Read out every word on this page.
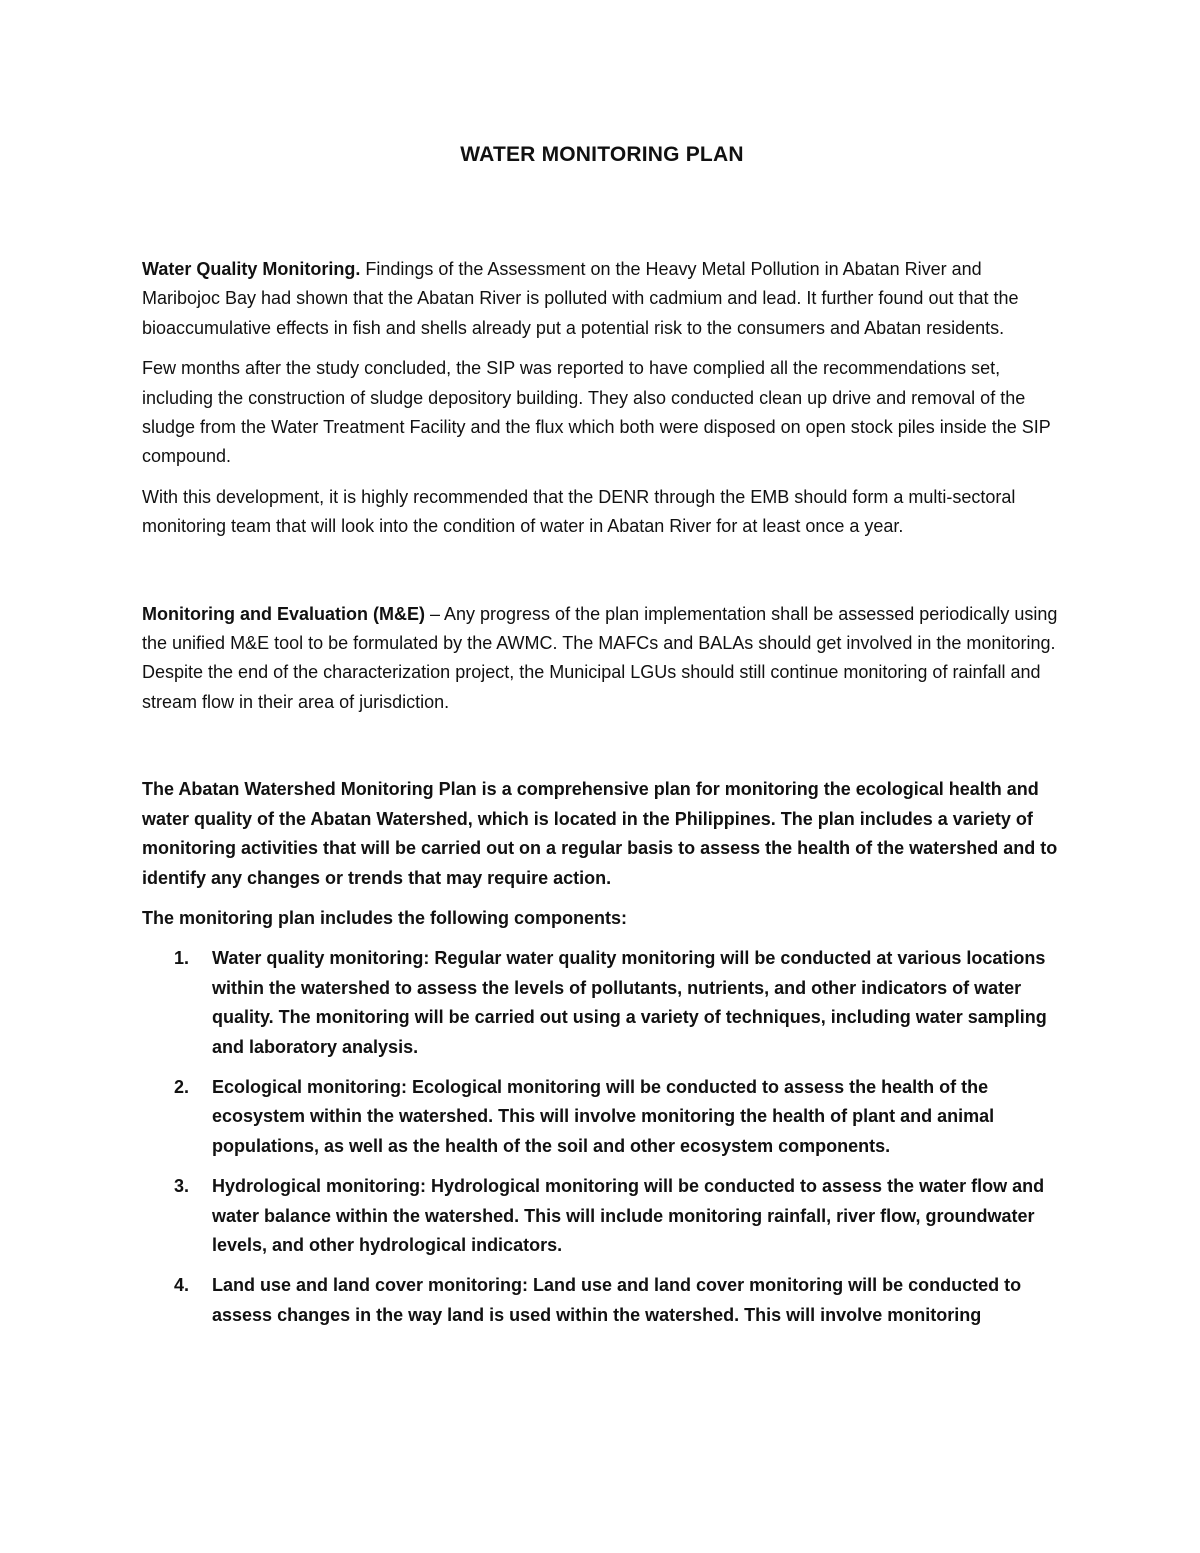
WATER MONITORING PLAN

Water Quality Monitoring. Findings of the Assessment on the Heavy Metal Pollution in Abatan River and Maribojoc Bay had shown that the Abatan River is polluted with cadmium and lead. It further found out that the bioaccumulative effects in fish and shells already put a potential risk to the consumers and Abatan residents.

Few months after the study concluded, the SIP was reported to have complied all the recommendations set, including the construction of sludge depository building. They also conducted clean up drive and removal of the sludge from the Water Treatment Facility and the flux which both were disposed on open stock piles inside the SIP compound.

With this development, it is highly recommended that the DENR through the EMB should form a multi-sectoral monitoring team that will look into the condition of water in Abatan River for at least once a year.

Monitoring and Evaluation (M&E) – Any progress of the plan implementation shall be assessed periodically using the unified M&E tool to be formulated by the AWMC. The MAFCs and BALAs should get involved in the monitoring. Despite the end of the characterization project, the Municipal LGUs should still continue monitoring of rainfall and stream flow in their area of jurisdiction.

The Abatan Watershed Monitoring Plan is a comprehensive plan for monitoring the ecological health and water quality of the Abatan Watershed, which is located in the Philippines. The plan includes a variety of monitoring activities that will be carried out on a regular basis to assess the health of the watershed and to identify any changes or trends that may require action.

The monitoring plan includes the following components:

1. Water quality monitoring: Regular water quality monitoring will be conducted at various locations within the watershed to assess the levels of pollutants, nutrients, and other indicators of water quality. The monitoring will be carried out using a variety of techniques, including water sampling and laboratory analysis.
2. Ecological monitoring: Ecological monitoring will be conducted to assess the health of the ecosystem within the watershed. This will involve monitoring the health of plant and animal populations, as well as the health of the soil and other ecosystem components.
3. Hydrological monitoring: Hydrological monitoring will be conducted to assess the water flow and water balance within the watershed. This will include monitoring rainfall, river flow, groundwater levels, and other hydrological indicators.
4. Land use and land cover monitoring: Land use and land cover monitoring will be conducted to assess changes in the way land is used within the watershed. This will involve monitoring
